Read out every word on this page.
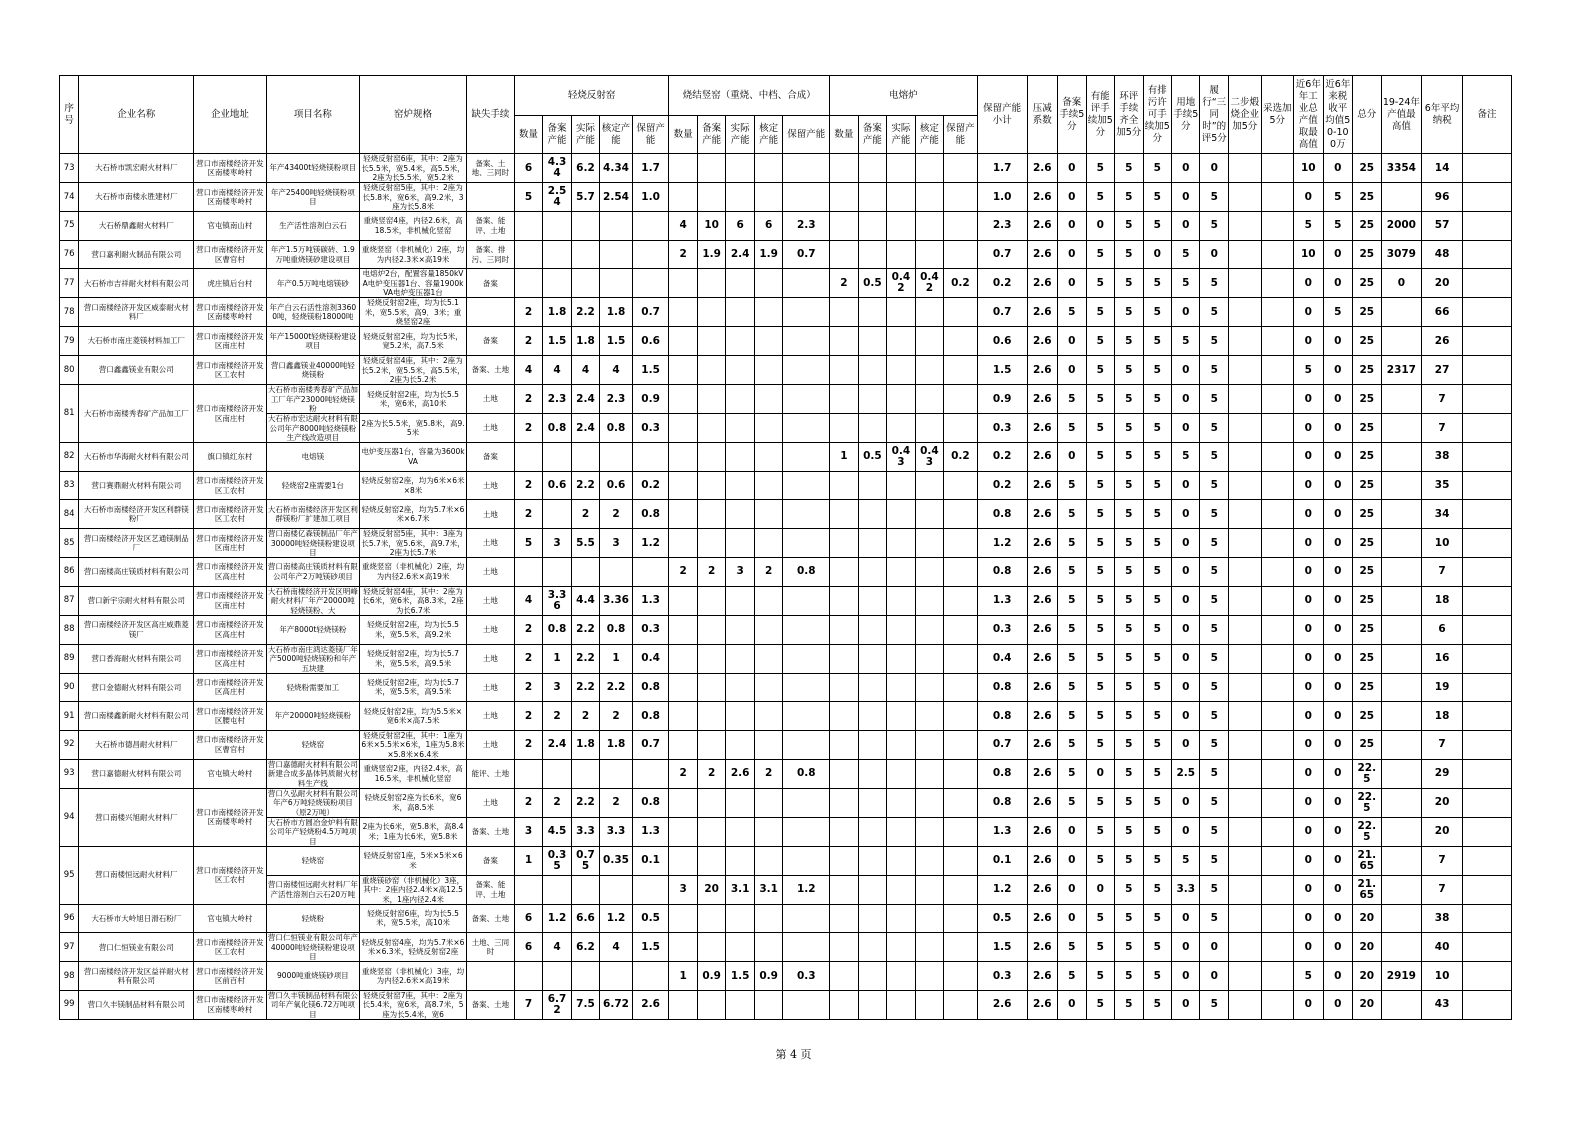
序号	企业名称	企业地址	项目名称	窑炉规格	缺失手续	轻烧反射窑					烧结竖窑（重烧、中档、合成）					电熔炉					保留产能小计	压减系数	备案手续5分	有能评手续加5分	环评手续齐全加5分	有排污许可手续加5分	用地手续5分	履行“三同时”的评5分	二步煅烧企业加5分	采选加5分	近6年年工业总产值取最高值	近6年来税收平均值50-100万	总分	19-24年产值最高值	6年平均纳税	备注
						数量	备案产能	实际产能	核定产能	保留产能	数量	备案产能	实际产能	核定产能	保留产能	数量	备案产能	实际产能	核定产能	保留产能																
73	大石桥市凯宏耐火材料厂	营口市南楼经济开发区南楼枣岭村	年产43400t轻烧镁粉项目	轻烧反射窑6座，其中：2座为长5.5米，宽5.4米，高5.5米，2座为长5.5米，宽5.2米	备案、土地、三同时	6	4.34	6.2	4.34	1.7											1.7	2.6	0	5	5	5	0	0			10	0	25	3354	14	
74	大石桥市南楼永胜建材厂	营口市南楼经济开发区南楼枣岭村	年产25400吨轻烧镁粉项目	轻烧反射窑5座，其中：2座为长5.8米，宽6米，高9.2米，3座为长5.8米		5	2.54	5.7	2.54	1.0											1.0	2.6	0	5	5	5	0	5			0	5	25		96	
75	大石桥鼎鑫耐火材料厂	官屯镇南山村	生产活性溶剂白云石	重烧竖窑4座，内径2.6米，高18.5米，非机械化竖窑	备案、能评、土地						4	10	6	6	2.3						2.3	2.6	0	0	5	5	0	5			5	5	25	2000	57	
76	营口嘉利耐火制品有限公司	营口市南楼经济开发区曹官村	年产1.5万吨镁碳砖、1.9万吨重烧镁砂建设项目	重烧竖窑（非机械化）2座，均为内径2.3米×高19米	备案、排污、三同时						2	1.9	2.4	1.9	0.7						0.7	2.6	0	5	5	0	5	0			10	0	25	3079	48	
77	大石桥市吉祥耐火材料有限公司	虎庄镇后台村	年产0.5万吨电熔镁砂	电熔炉2台，配置容量1850kVA电炉变压器1台、容量1900kVA电炉变压器1台	备案											2	0.5	0.42	0.42	0.2	0.2	2.6	0	5	5	5	5	5			0	0	25	0	20	
78	营口南楼经济开发区威泰耐火材料厂	营口市南楼经济开发区南楼枣岭村	年产白云石活性溶剂33600吨，轻烧镁粉18000吨	轻烧反射窑2座，均为长5.1米，宽5.5米，高9．3米；重烧竖窑2座		2	1.8	2.2	1.8	0.7											0.7	2.6	5	5	5	5	0	5			0	5	25		66	
79	大石桥市南庄菱镁材料加工厂	营口市南楼经济开发区南庄村	年产15000t轻烧镁粉建设项目	轻烧反射窑2座，均为长5米，宽5.2米，高7.5米	备案	2	1.5	1.8	1.5	0.6											0.6	2.6	0	5	5	5	5	5			0	0	25		26	
80	营口鑫鑫镁业有限公司	营口市南楼经济开发区工农村	营口鑫鑫镁业40000吨轻烧镁粉	轻烧反射窑4座，其中：2座为长5.2米，宽5.5米，高5.5米，2座为长5.2米	备案、土地	4	4	4	4	1.5											1.5	2.6	0	5	5	5	0	5			5	0	25	2317	27	
81	大石桥市南楼秀春矿产品加工厂	营口市南楼经济开发区南庄村	大石桥市南楼秀春矿产品加工厂年产23000吨轻烧镁粉	轻烧反射窑2座，均为长5.5米，宽6米，高10米	土地	2	2.3	2.4	2.3	0.9											0.9	2.6	5	5	5	5	0	5			0	0	25		7	

			大石桥市宏达耐火材料有限公司年产8000吨轻烧镁粉生产线改造项目	2座为长5.5米，宽5.8米，高9.5米	土地	2	0.8	2.4	0.8	0.3											0.3	2.6	5	5	5	5	0	5			0	0	25		7	
82	大石桥市华海耐火材料有限公司	旗口镇红东村	电熔镁	电炉变压器1台，容量为3600kVA	备案											1	0.5	0.43	0.43	0.2	0.2	2.6	0	5	5	5	5	5			0	0	25		38	
83	营口赛鼎耐火材料有限公司	营口市南楼经济开发区工农村	轻烧窑2座需要1台	轻烧反射窑2座，均为6米×6米×8米	土地	2	0.6	2.2	0.6	0.2											0.2	2.6	5	5	5	5	0	5			0	0	25		35	
84	大石桥市南楼经济开发区利群镁粉厂	营口市南楼经济开发区工农村	大石桥市南楼经济开发区利群镁粉厂扩建加工项目	轻烧反射窑2座，均为5.7米×6米×6.7米	土地	2		2	2	0.8											0.8	2.6	5	5	5	5	0	5			0	0	25		34	
85	营口南楼经济开发区艺通镁制品厂	营口市南楼经济开发区南庄村	营口南楼亿森镁制品厂年产30000吨轻烧镁粉建设项目	轻烧反射窑5座，其中：3座为长5.7米，宽5.6米，高9.7米，2座为长5.7米	土地	5	3	5.5	3	1.2											1.2	2.6	5	5	5	5	0	5			0	0	25		10	
86	营口南楼高庄镁质材料有限公司	营口市南楼经济开发区高庄村	营口南楼高庄镁质材料有限公司年产2万吨镁砂项目	重烧竖窑（非机械化）2座，均为内径2.6米×高19米	土地						2	2	3	2	0.8						0.8	2.6	5	5	5	5	0	5			0	0	25		7	
87	营口新宇宗耐火材料有限公司	营口市南楼经济开发区南庄村	大石桥南楼经济开发区明峰耐火材料厂年产20000吨轻烧镁粉、大	轻烧反射窑4座，其中：2座为长6米，宽6米，高8.3米，2座为长6.7米	土地	4	3.36	4.4	3.36	1.3											1.3	2.6	5	5	5	5	0	5			0	0	25		18	
88	营口南楼经济开发区高庄威鼎菱镁厂	营口市南楼经济开发区高庄村	年产8000t轻烧镁粉	轻烧反射窑2座，均为长5.5米，宽5.5米，高9.2米	土地	2	0.8	2.2	0.8	0.3											0.3	2.6	5	5	5	5	0	5			0	0	25		6	
89	营口香海耐火材料有限公司	营口市南楼经济开发区高庄村	大石桥市南庄鸿达菱镁厂年产5000吨轻烧镁粉和年产五块建	轻烧反射窑2座，均为长5.7米，宽5.5米，高9.5米	土地	2	1	2.2	1	0.4											0.4	2.6	5	5	5	5	0	5			0	0	25		16	
90	营口金德耐火材料有限公司	营口市南楼经济开发区高庄村	轻烧粉需要加工	轻烧反射窑2座，均为长5.7米，宽5.5米，高9.5米	土地	2	3	2.2	2.2	0.8											0.8	2.6	5	5	5	5	0	5			0	0	25		19	
91	营口南楼鑫新耐火材料有限公司	营口市南楼经济开发区腰屯村	年产20000吨轻烧镁粉	轻烧反射窑2座，均为5.5米×宽6米×高7.5米	土地	2	2	2	2	0.8											0.8	2.6	5	5	5	5	0	5			0	0	25		18	
92	大石桥市德昌耐火材料厂	营口市南楼经济开发区曹官村	轻烧窑	轻烧反射窑2座，其中：1座为6米×5.5米×6米，1座为5.8米×5.8米×6.4米	土地	2	2.4	1.8	1.8	0.7											0.7	2.6	5	5	5	5	0	5			0	0	25		7	
93	营口嘉德耐火材料有限公司	官屯镇大岭村	营口嘉德耐火材料有限公司新建合成多晶体钙质耐火材料生产线	重烧竖窑2座，内径2.4米，高16.5米，非机械化竖窑	能评、土地						2	2	2.6	2	0.8						0.8	2.6	5	0	5	5	2.5	5			0	0	22.5		29	
94	营口南楼兴旭耐火材料厂	营口市南楼经济开发区南楼枣岭村	营口久弘耐火材料有限公司年产6万吨轻烧镁粉项目（原2万吨）	轻烧反射窑2座为长6米，宽6米，高8.5米	土地	2	2	2.2	2	0.8											0.8	2.6	5	5	5	5	0	5			0	0	22.5		20	

			大石桥市方圆冶金炉料有限公司年产轻烧粉4.5万吨项目	2座为长6米，宽5.8米，高8.4米；1座为长6米，宽5.8米	备案、土地	3	4.5	3.3	3.3	1.3											1.3	2.6	0	5	5	5	0	5			0	0	22.5		20	
95	营口南楼恒远耐火材料厂	营口市南楼经济开发区工农村	轻烧窑	轻烧反射窑1座，5米×5米×6米	备案	1	0.35	0.75	0.35	0.1											0.1	2.6	0	5	5	5	5	5			0	0	21.65		7	

			营口南楼恒远耐火材料厂年产活性溶剂白云石20万吨	重烧镁砂窑（非机械化）3座，其中：2座内径2.4米×高12.5米，1座内径2.4米	备案、能评、土地						3	20	3.1	3.1	1.2						1.2	2.6	0	0	5	5	3.3	5			0	0	21.65		7	
96	大石桥市大岭旭日滑石粉厂	官屯镇大岭村	轻烧粉	轻烧反射窑6座，均为长5.5米，宽5.5米，高10米	备案、土地	6	1.2	6.6	1.2	0.5											0.5	2.6	0	5	5	5	0	5			0	0	20		38	
97	营口仁恒镁业有限公司	营口市南楼经济开发区工农村	营口仁恒镁业有限公司年产40000吨轻烧镁粉建设项目	轻烧反射窑4座，均为5.7米×6米×6.3米，轻烧反射窑2座	土地、三同时	6	4	6.2	4	1.5											1.5	2.6	5	5	5	5	0	0			0	0	20		40	
98	营口南楼经济开发区益祥耐火材料有限公司	营口市南楼经济开发区前百村	9000吨重烧镁砂项目	重烧竖窑（非机械化）3座，均为内径2.6米×高19米							1	0.9	1.5	0.9	0.3						0.3	2.6	5	5	5	5	0	0			5	0	20	2919	10	
99	营口久丰镁制品材料有限公司	营口市南楼经济开发区南楼枣岭村	营口久丰镁制品材料有限公司年产氧化镁6.72万吨项目	轻烧反射窑7座，其中：2座为长5.4米，宽6米，高8.7米，5座为长5.4米，宽6	备案、土地	7	6.72	7.5	6.72	2.6											2.6	2.6	0	5	5	5	0	5			0	0	20		43	
第 4 页
